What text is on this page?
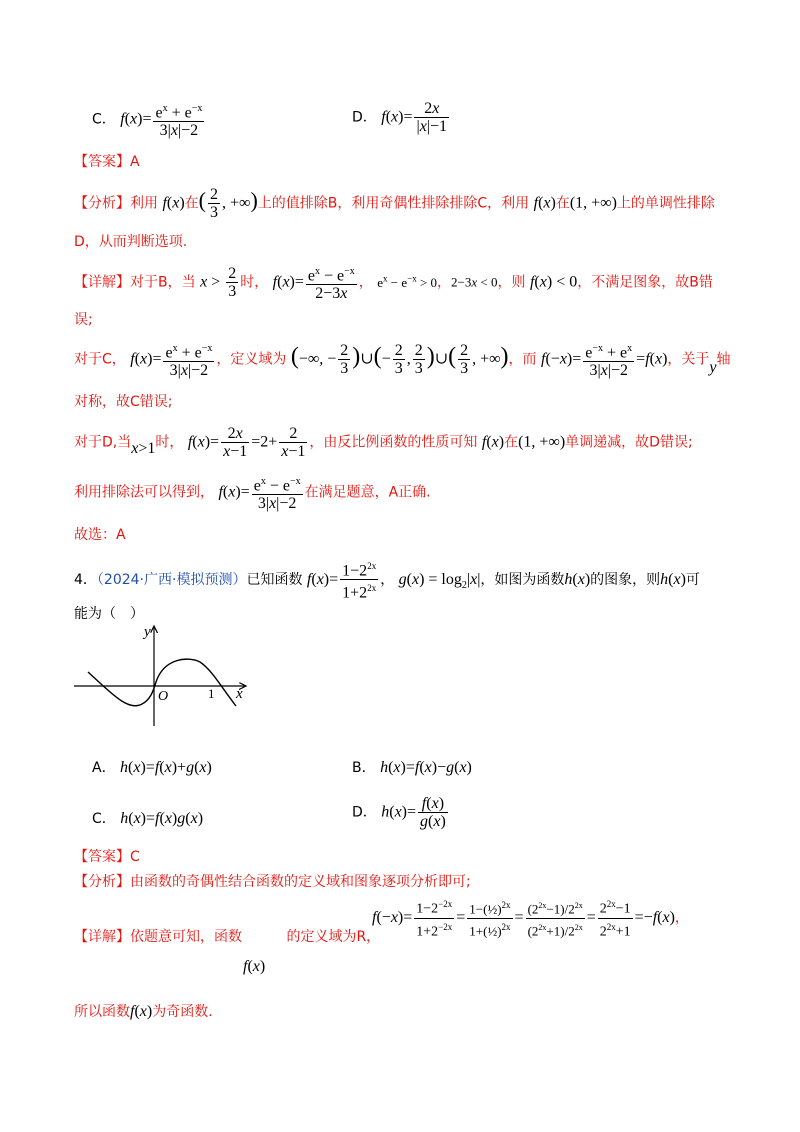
C． $f(x)= \frac{e^x + e^{-x}}{3|x|-2}$	D． $f(x)= \frac{2x}{|x|-1}$
【答案】A
【分析】利用 f(x)在( $\frac{2}{3}$ , +∞)上的值排除B，利用奇偶性排除排除C，利用 f(x)在(1, +∞)上的单调性排除
D，从而判断选项.
【详解】对于B，当 $x > \frac{2}{3}$ 时， $f(x)= \frac{e^x - e^{-x}}{2-3x}$ ， $e^x - e^{-x} > 0$，2−3x < 0，则 f(x) < 0，不满足图象，故B错
误;
对于C， $f(x)= \frac{e^x + e^{-x}}{3|x|-2}$ ，定义域为 (−∞, − $\frac{2}{3}$ )∪(− $\frac{2}{3}$ , $\frac{2}{3}$ )∪( $\frac{2}{3}$ , +∞)，而 $f(-x)= \frac{e^{-x} + e^x}{3|x|-2} =f(x)$，关于y轴
对称，故C错误;
对于D,当x>1时， $f(x)= \frac{2x}{x-1} =2+ \frac{2}{x-1}$ ，由反比例函数的性质可知 f(x)在(1, +∞)单调递减，故D错误;
利用排除法可以得到， $f(x)= \frac{e^x - e^{-x}}{3|x|-2}$ 在满足题意，A正确.
故选：A
4．（2024·广西·模拟预测）已知函数 $f(x)= \frac{1-2^{2x}}{1+2^{2x}}$ ， $g(x) = \log_2|x|$，如图为函数h(x)的图象，则h(x)可
能为（　）
y
x
O	1
A． h(x)=f(x)+g(x)	B． h(x)=f(x)−g(x)
C． h(x)=f(x)g(x)	D． $h(x)= \frac{f(x)}{g(x)}$
【答案】C
【分析】由函数的奇偶性结合函数的定义域和图象逐项分析即可;
【详解】依题意可知，函数	的定义域为R，
f(x)
$f(-x)= \frac{1-2^{-2x}}{1+2^{-2x}} = \frac{1-(\frac{1}{2})^{2x}}{1+(\frac{1}{2})^{2x}} = \frac{(2^{2x}-1)/2^{2x}}{(2^{2x}+1)/2^{2x}} = \frac{2^{2x}-1}{2^{2x}+1} =-f(x)$，
所以函数f(x)为奇函数.
